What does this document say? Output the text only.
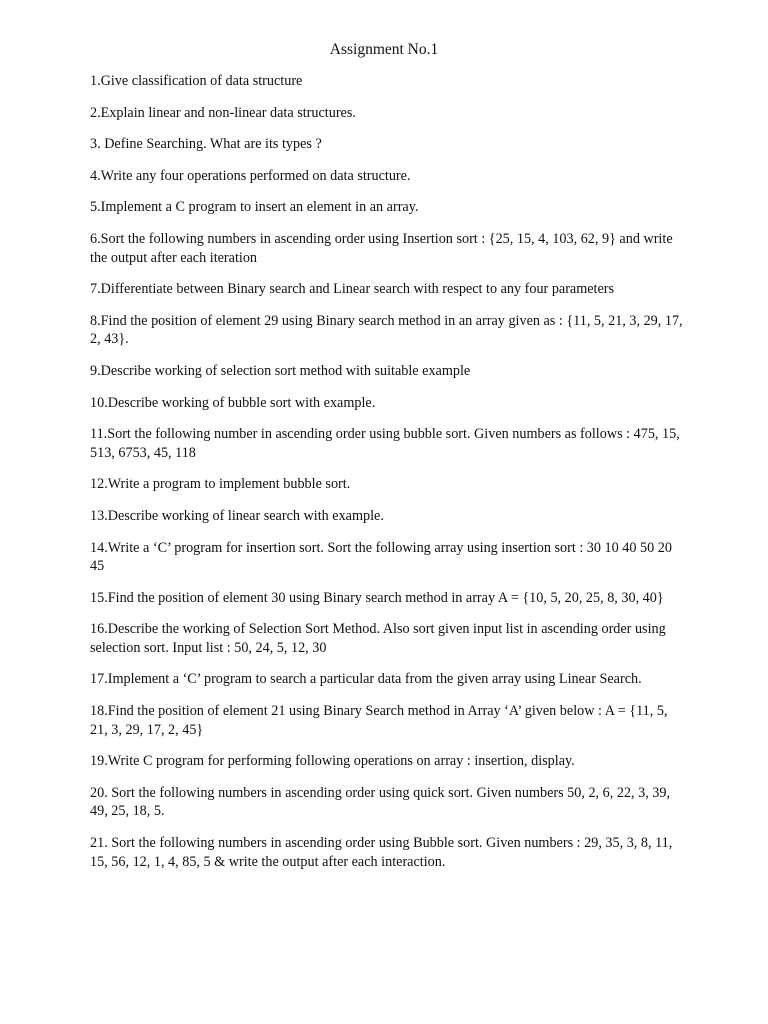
Assignment No.1
1.Give classification of data structure
2.Explain linear and non-linear data structures.
3. Define Searching. What are its types ?
4.Write any four operations performed on data structure.
5.Implement a C program to insert an element in an array.
6.Sort the following numbers in ascending order using Insertion sort : {25, 15, 4, 103, 62, 9} and write the output after each iteration
7.Differentiate between Binary search and Linear search with respect to any four parameters
8.Find the position of element 29 using Binary search method in an array given as : {11, 5, 21, 3, 29, 17, 2, 43}.
9.Describe working of selection sort method with suitable example
10.Describe working of bubble sort with example.
11.Sort the following number in ascending order using bubble sort. Given numbers as follows : 475, 15, 513, 6753, 45, 118
12.Write a program to implement bubble sort.
13.Describe working of linear search with example.
14.Write a ‘C’ program for insertion sort. Sort the following array using insertion sort : 30 10 40 50 20 45
15.Find the position of element 30 using Binary search method in array A = {10, 5, 20, 25, 8, 30, 40}
16.Describe the working of Selection Sort Method. Also sort given input list in ascending order using selection sort. Input list : 50, 24, 5, 12, 30
17.Implement a ‘C’ program to search a particular data from the given array using Linear Search.
18.Find the position of element 21 using Binary Search method in Array ‘A’ given below : A = {11, 5, 21, 3, 29, 17, 2, 45}
19.Write C program for performing following operations on array : insertion, display.
20. Sort the following numbers in ascending order using quick sort. Given numbers 50, 2, 6, 22, 3, 39, 49, 25, 18, 5.
21. Sort the following numbers in ascending order using Bubble sort. Given numbers : 29, 35, 3, 8, 11, 15, 56, 12, 1, 4, 85, 5 & write the output after each interaction.
